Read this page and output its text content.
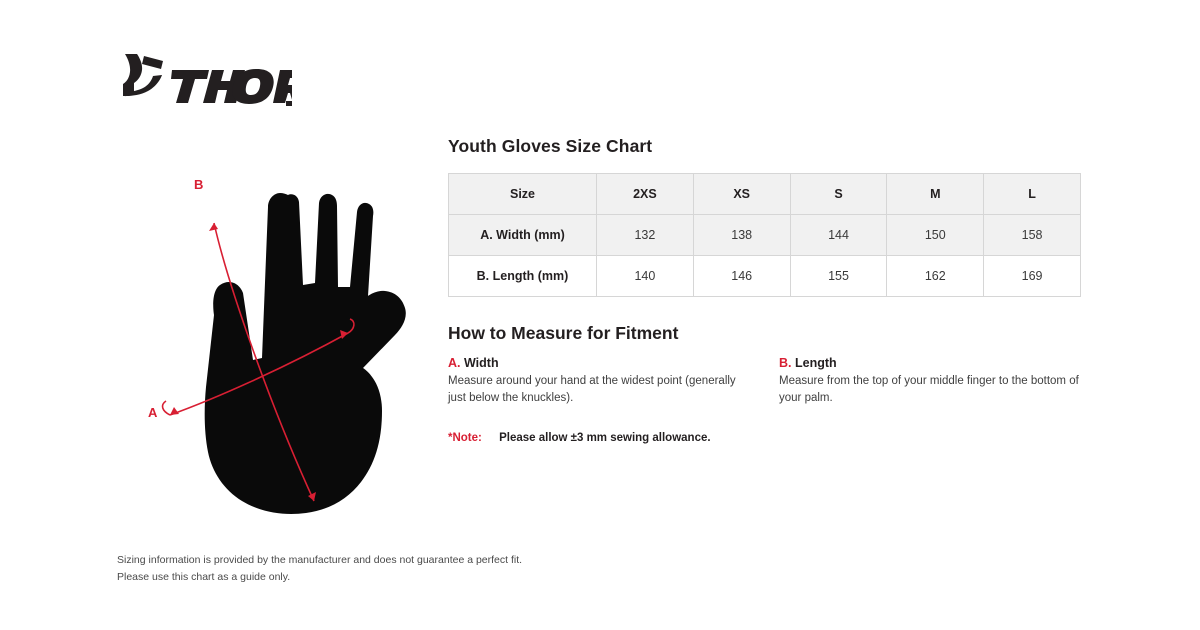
B
A
Youth Gloves Size Chart
Size	2XS	XS	S	M	L
A. Width (mm)	132	138	144	150	158
B. Length (mm)	140	146	155	162	169
How to Measure for Fitment
A. Width
Measure around your hand at the widest point (generally just below the knuckles).
B. Length
Measure from the top of your middle finger to the bottom of your palm.
*Note: Please allow ±3 mm sewing allowance.
Sizing information is provided by the manufacturer and does not guarantee a perfect fit.
Please use this chart as a guide only.
